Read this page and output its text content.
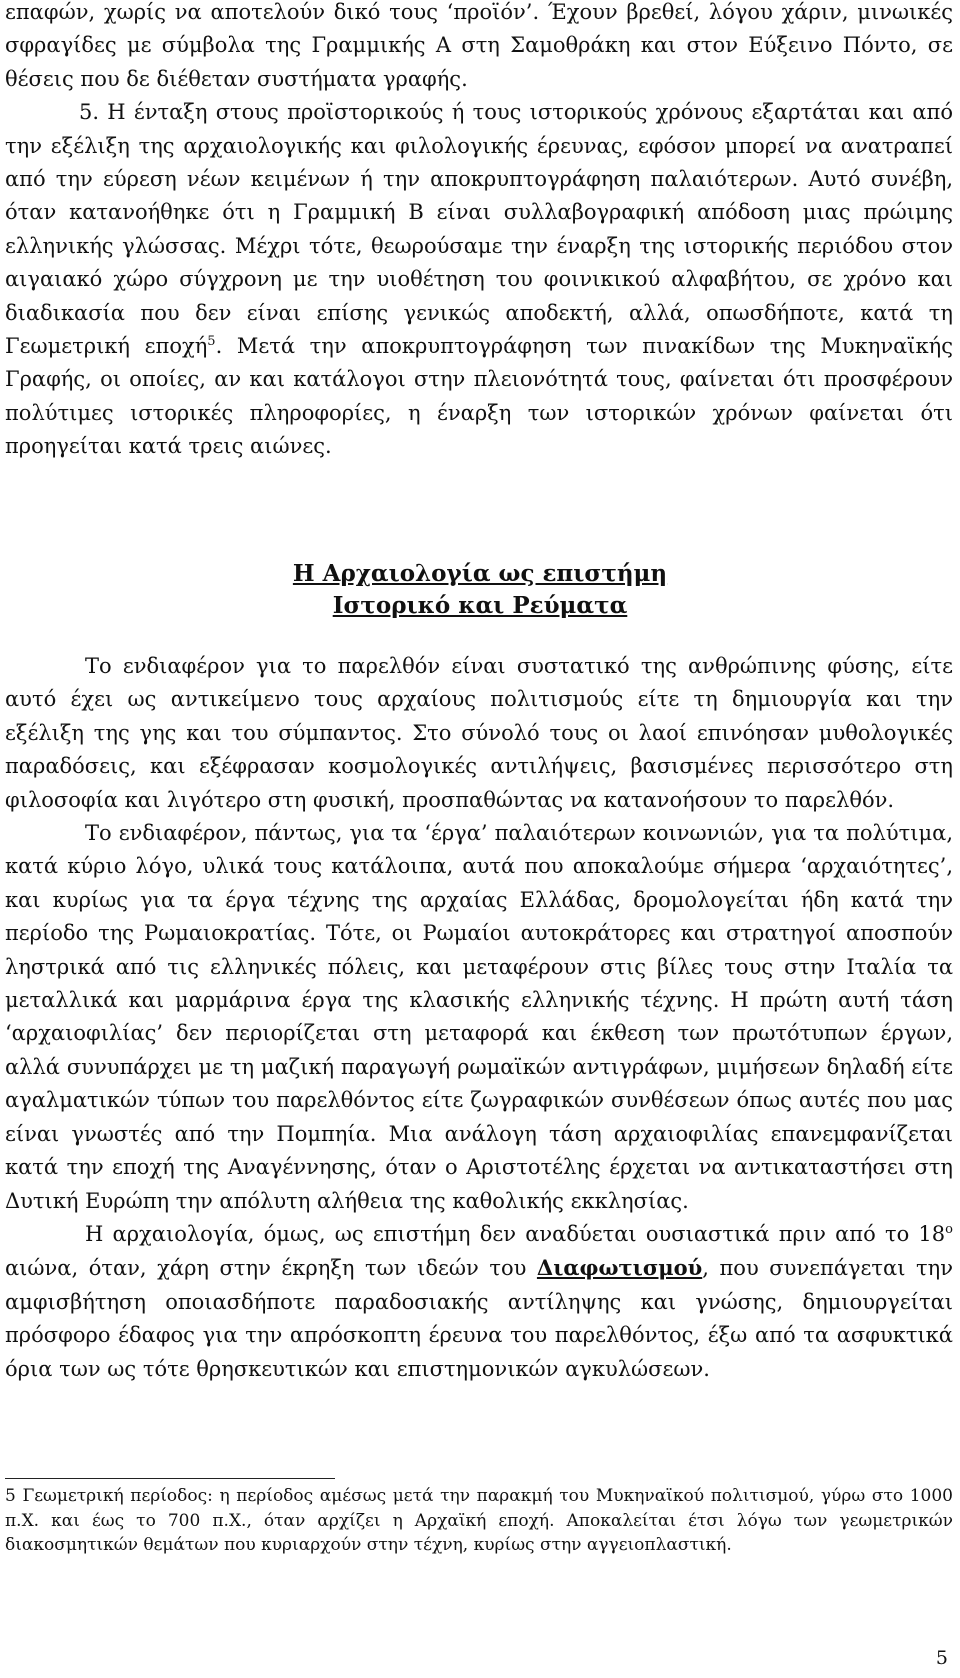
επαφών, χωρίς να αποτελούν δικό τους ‘προϊόν’. Έχουν βρεθεί, λόγου χάριν, μινωικές σφραγίδες με σύμβολα της Γραμμικής Α στη Σαμοθράκη και στον Εύξεινο Πόντο, σε θέσεις που δε διέθεταν συστήματα γραφής.

5. Η ένταξη στους προϊστορικούς ή τους ιστορικούς χρόνους εξαρτάται και από την εξέλιξη της αρχαιολογικής και φιλολογικής έρευνας, εφόσον μπορεί να ανατραπεί από την εύρεση νέων κειμένων ή την αποκρυπτογράφηση παλαιότερων. Αυτό συνέβη, όταν κατανοήθηκε ότι η Γραμμική Β είναι συλλαβογραφική απόδοση μιας πρώιμης ελληνικής γλώσσας. Μέχρι τότε, θεωρούσαμε την έναρξη της ιστορικής περιόδου στον αιγαιακό χώρο σύγχρονη με την υιοθέτηση του φοινικικού αλφαβήτου, σε χρόνο και διαδικασία που δεν είναι επίσης γενικώς αποδεκτή, αλλά, οπωσδήποτε, κατά τη Γεωμετρική εποχή$^5$. Μετά την αποκρυπτογράφηση των πινακίδων της Μυκηναϊκής Γραφής, οι οποίες, αν και κατάλογοι στην πλειονότητά τους, φαίνεται ότι προσφέρουν πολύτιμες ιστορικές πληροφορίες, η έναρξη των ιστορικών χρόνων φαίνεται ότι προηγείται κατά τρεις αιώνες.

Η Αρχαιολογία ως επιστήμη
Ιστορικό και Ρεύματα

Το ενδιαφέρον για το παρελθόν είναι συστατικό της ανθρώπινης φύσης, είτε αυτό έχει ως αντικείμενο τους αρχαίους πολιτισμούς είτε τη δημιουργία και την εξέλιξη της γης και του σύμπαντος. Στο σύνολό τους οι λαοί επινόησαν μυθολογικές παραδόσεις, και εξέφρασαν κοσμολογικές αντιλήψεις, βασισμένες περισσότερο στη φιλοσοφία και λιγότερο στη φυσική, προσπαθώντας να κατανοήσουν το παρελθόν.

Το ενδιαφέρον, πάντως, για τα ‘έργα’ παλαιότερων κοινωνιών, για τα πολύτιμα, κατά κύριο λόγο, υλικά τους κατάλοιπα, αυτά που αποκαλούμε σήμερα ‘αρχαιότητες’, και κυρίως για τα έργα τέχνης της αρχαίας Ελλάδας, δρομολογείται ήδη κατά την περίοδο της Ρωμαιοκρατίας. Τότε, οι Ρωμαίοι αυτοκράτορες και στρατηγοί αποσπούν ληστρικά από τις ελληνικές πόλεις, και μεταφέρουν στις βίλες τους στην Ιταλία τα μεταλλικά και μαρμάρινα έργα της κλασικής ελληνικής τέχνης. Η πρώτη αυτή τάση ‘αρχαιοφιλίας’ δεν περιορίζεται στη μεταφορά και έκθεση των πρωτότυπων έργων, αλλά συνυπάρχει με τη μαζική παραγωγή ρωμαϊκών αντιγράφων, μιμήσεων δηλαδή είτε αγαλματικών τύπων του παρελθόντος είτε ζωγραφικών συνθέσεων όπως αυτές που μας είναι γνωστές από την Πομπηία. Μια ανάλογη τάση αρχαιοφιλίας επανεμφανίζεται κατά την εποχή της Αναγέννησης, όταν ο Αριστοτέλης έρχεται να αντικαταστήσει στη Δυτική Ευρώπη την απόλυτη αλήθεια της καθολικής εκκλησίας.

Η αρχαιολογία, όμως, ως επιστήμη δεν αναδύεται ουσιαστικά πριν από το $18^o$ αιώνα, όταν, χάρη στην έκρηξη των ιδεών του Διαφωτισμού, που συνεπάγεται την αμφισβήτηση οποιασδήποτε παραδοσιακής αντίληψης και γνώσης, δημιουργείται πρόσφορο έδαφος για την απρόσκοπτη έρευνα του παρελθόντος, έξω από τα ασφυκτικά όρια των ως τότε θρησκευτικών και επιστημονικών αγκυλώσεων.

5 Γεωμετρική περίοδος: η περίοδος αμέσως μετά την παρακμή του Μυκηναϊκού πολιτισμού, γύρω στο 1000 π.Χ. και έως το 700 π.Χ., όταν αρχίζει η Αρχαϊκή εποχή. Αποκαλείται έτσι λόγω των γεωμετρικών διακοσμητικών θεμάτων που κυριαρχούν στην τέχνη, κυρίως στην αγγειοπλαστική.

5
